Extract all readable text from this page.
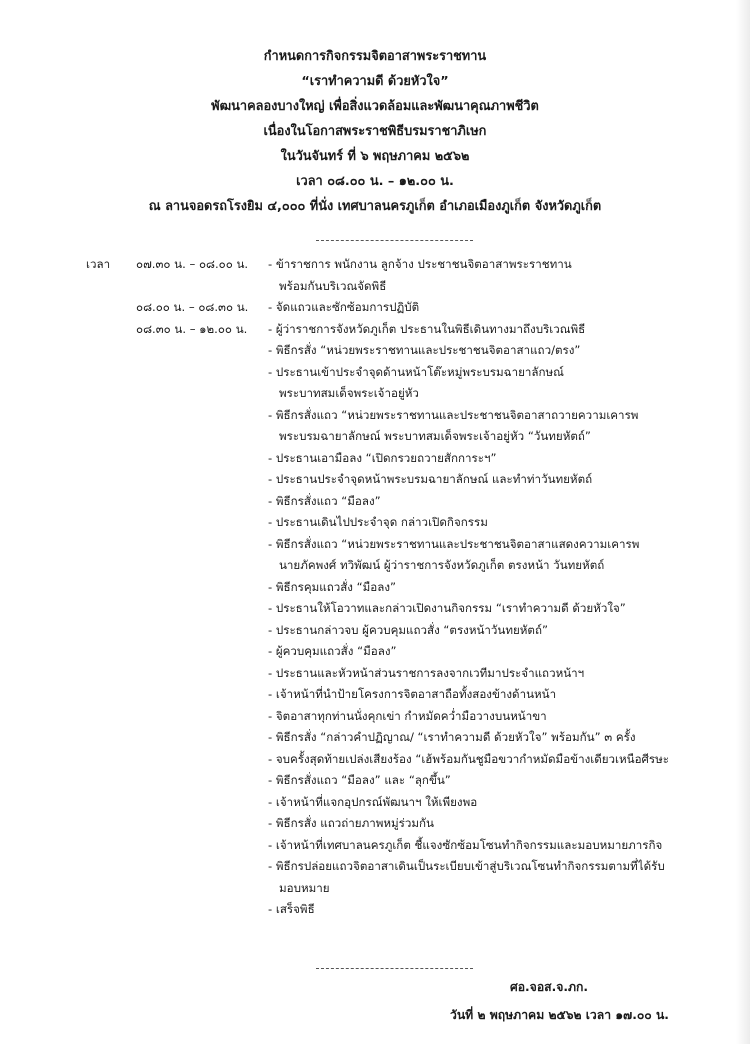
กำหนดการกิจกรรมจิตอาสาพระราชทาน
“เราทำความดี ด้วยหัวใจ”
พัฒนาคลองบางใหญ่ เพื่อสิ่งแวดล้อมและพัฒนาคุณภาพชีวิต
เนื่องในโอกาสพระราชพิธีบรมราชาภิเษก
ในวันจันทร์ ที่ ๖ พฤษภาคม ๒๕๖๒
เวลา ๐๘.๐๐ น. – ๑๒.๐๐ น.
ณ ลานจอดรถโรงยิม ๔,๐๐๐ ที่นั่ง เทศบาลนครภูเก็ต อำเภอเมืองภูเก็ต จังหวัดภูเก็ต
เวลา ๐๗.๓๐ น. – ๐๘.๐๐ น. - ข้าราชการ พนักงาน ลูกจ้าง ประชาชนจิตอาสาพระราชทาน
พร้อมกันบริเวณจัดพิธี
๐๘.๐๐ น. – ๐๘.๓๐ น. - จัดแถวและซักซ้อมการปฏิบัติ
๐๘.๓๐ น. – ๑๒.๐๐ น. - ผู้ว่าราชการจังหวัดภูเก็ต ประธานในพิธีเดินทางมาถึงบริเวณพิธี
- พิธีกรสั่ง “หน่วยพระราชทานและประชาชนจิตอาสาแถว/ตรง”
- ประธานเข้าประจำจุดด้านหน้าโต๊ะหมู่พระบรมฉายาลักษณ์
พระบาทสมเด็จพระเจ้าอยู่หัว
- พิธีกรสั่งแถว “หน่วยพระราชทานและประชาชนจิตอาสาถวายความเคารพ
พระบรมฉายาลักษณ์ พระบาทสมเด็จพระเจ้าอยู่หัว “วันทยหัตถ์”
- ประธานเอามือลง “เปิดกรวยถวายสักการะฯ”
- ประธานประจำจุดหน้าพระบรมฉายาลักษณ์ และทำท่าวันทยหัตถ์
- พิธีกรสั่งแถว “มือลง”
- ประธานเดินไปประจำจุด กล่าวเปิดกิจกรรม
- พิธีกรสั่งแถว “หน่วยพระราชทานและประชาชนจิตอาสาแสดงความเคารพ
นายภัคพงศ์ ทวิพัฒน์ ผู้ว่าราชการจังหวัดภูเก็ต ตรงหน้า วันทยหัตถ์
- พิธีกรคุมแถวสั่ง “มือลง”
- ประธานให้โอวาทและกล่าวเปิดงานกิจกรรม “เราทำความดี ด้วยหัวใจ”
- ประธานกล่าวจบ ผู้ควบคุมแถวสั่ง “ตรงหน้าวันทยหัตถ์”
- ผู้ควบคุมแถวสั่ง “มือลง”
- ประธานและหัวหน้าส่วนราชการลงจากเวทีมาประจำแถวหน้าฯ
- เจ้าหน้าที่นำป้ายโครงการจิตอาสาถือทั้งสองข้างด้านหน้า
- จิตอาสาทุกท่านนั่งคุกเข่า กำหมัดคว่ำมือวางบนหน้าขา
- พิธีกรสั่ง “กล่าวคำปฏิญาณ/ “เราทำความดี ด้วยหัวใจ” พร้อมกัน” ๓ ครั้ง
- จบครั้งสุดท้ายเปล่งเสียงร้อง “เฮ้พร้อมกันชูมือขวากำหมัดมือข้างเดียวเหนือศีรษะ
- พิธีกรสั่งแถว “มือลง” และ “ลุกขึ้น”
- เจ้าหน้าที่แจกอุปกรณ์พัฒนาฯ ให้เพียงพอ
- พิธีกรสั่ง แถวถ่ายภาพหมู่ร่วมกัน
- เจ้าหน้าที่เทศบาลนครภูเก็ต ชี้แจงซักซ้อมโซนทำกิจกรรมและมอบหมายภารกิจ
- พิธีกรปล่อยแถวจิตอาสาเดินเป็นระเบียบเข้าสู่บริเวณโซนทำกิจกรรมตามที่ได้รับ
มอบหมาย
- เสร็จพิธี
ศอ.จอส.จ.ภก.
วันที่ ๒ พฤษภาคม ๒๕๖๒ เวลา ๑๗.๐๐ น.
